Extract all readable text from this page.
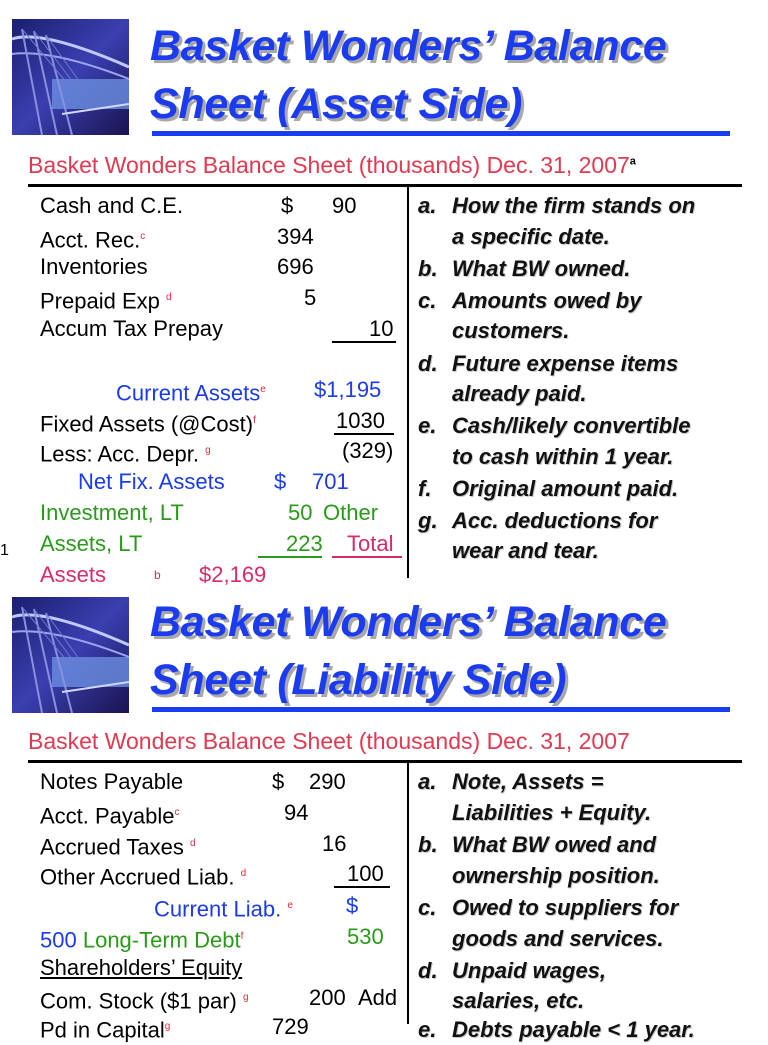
Basket Wonders’ Balance
Sheet (Asset Side)
Basket Wonders Balance Sheet (thousands) Dec. 31, 2007$^a$
Cash and C.E.	$ 90
Acct. Rec.$^c$	394
Inventories	696
Prepaid Exp $^d$	5
Accum Tax Prepay	10
Current Assets$^e$ $1,195
Fixed Assets (@Cost)$^f$	1030
Less: Acc. Depr. $^g$	(329)
Net Fix. Assets $ 701
Investment, LT	50 Other
Assets, LT	223 Total
Assets	b $2,169
1
a. How the firm stands on
a specific date.
b. What BW owned.
c. Amounts owed by
customers.
d. Future expense items
already paid.
e. Cash/likely convertible
to cash within 1 year.
f. Original amount paid.
g. Acc. deductions for
wear and tear.
Basket Wonders’ Balance
Sheet (Liability Side)
Basket Wonders Balance Sheet (thousands) Dec. 31, 2007
Notes Payable	$ 290
Acct. Payable$^c$	94
Accrued Taxes $^d$	16
Other Accrued Liab. $^d$	100
Current Liab. $^e$ $
500 Long-Term Debt$^f$	530
Shareholders’ Equity
Com. Stock ($1 par) $^g$	200 Add
Pd in Capital$^g$	729
a. Note, Assets =
Liabilities + Equity.
b. What BW owed and
ownership position.
c. Owed to suppliers for
goods and services.
d. Unpaid wages,
salaries, etc.
e. Debts payable < 1 year.
